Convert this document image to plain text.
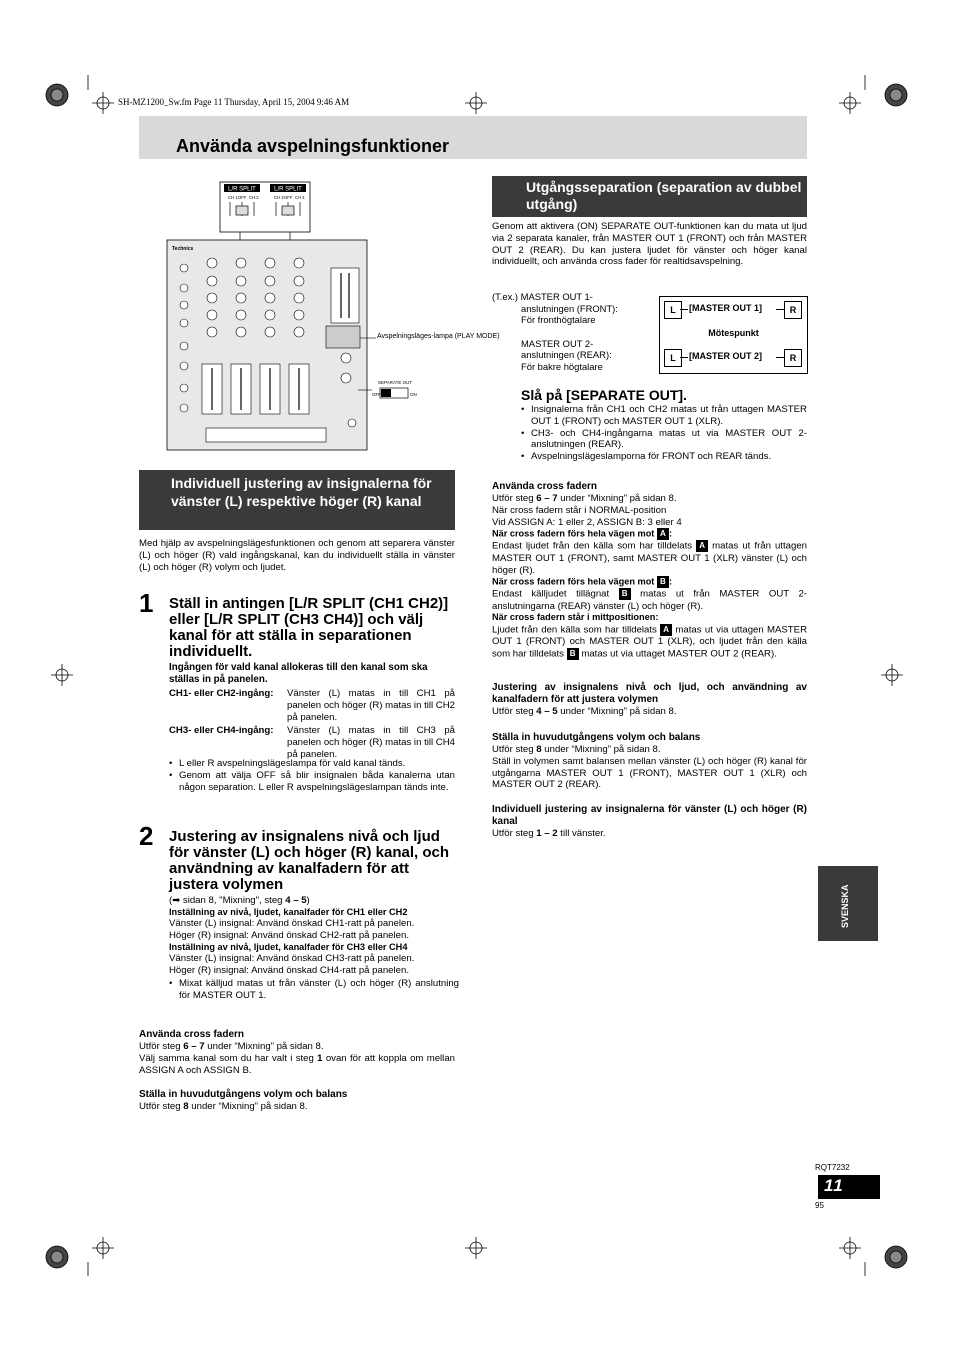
SH-MZ1200_Sw.fm Page 11 Thursday, April 15, 2004 9:46 AM
Använda avspelningsfunktioner
L/R SPLIT	L/R SPLIT
CH 1 OFF CH 2	CH 3 OFF CH 4
Technics
Avspelningsläges-lampa (PLAY MODE)
SEPARATE OUT
OFF	ON
Individuell justering av insignalerna för vänster (L) respektive höger (R) kanal

Med hjälp av avspelningslägesfunktionen och genom att separera vänster (L) och höger (R) vald ingångskanal, kan du individuellt ställa in vänster (L) och höger (R) volym och ljudet.

1 Ställ in antingen [L/R SPLIT (CH1 CH2)] eller [L/R SPLIT (CH3 CH4)] och välj kanal för att ställa in separationen individuellt.

Ingången för vald kanal allokeras till den kanal som ska ställas in på panelen.

CH1- eller CH2-ingång:	Vänster (L) matas in till CH1 på panelen och höger (R) matas in till CH2 på panelen.
CH3- eller CH4-ingång:	Vänster (L) matas in till CH3 på panelen och höger (R) matas in till CH4 på panelen.
• L eller R avspelningslägeslampa för vald kanal tänds.
• Genom att välja OFF så blir insignalen båda kanalerna utan någon separation. L eller R avspelningslägeslampan tänds inte.
2 Justering av insignalens nivå och ljud för vänster (L) och höger (R) kanal, och användning av kanalfadern för att justera volymen

(➡ sidan 8, "Mixning", steg 4 – 5)
Inställning av nivå, ljudet, kanalfader för CH1 eller CH2
Vänster (L) insignal: Använd önskad CH1-ratt på panelen.
Höger (R) insignal: Använd önskad CH2-ratt på panelen.
Inställning av nivå, ljudet, kanalfader för CH3 eller CH4
Vänster (L) insignal: Använd önskad CH3-ratt på panelen.
Höger (R) insignal: Använd önskad CH4-ratt på panelen.
• Mixat källjud matas ut från vänster (L) och höger (R) anslutning för MASTER OUT 1.
Använda cross fadern
Utför steg 6 – 7 under “Mixning” på sidan 8.
Välj samma kanal som du har valt i steg 1 ovan för att koppla om mellan ASSIGN A och ASSIGN B.
Ställa in huvudutgångens volym och balans
Utför steg 8 under “Mixning” på sidan 8.
Utgångsseparation (separation av dubbel utgång)

Genom att aktivera (ON) SEPARATE OUT-funktionen kan du mata ut ljud via 2 separata kanaler, från MASTER OUT 1 (FRONT) och från MASTER OUT 2 (REAR). Du kan justera ljudet för vänster och höger kanal individuellt, och använda cross fader för realtidsavspelning.

(T.ex.) MASTER OUT 1-
anslutningen (FRONT):
För fronthögtalare
MASTER OUT 2-
anslutningen (REAR):
För bakre högtalare
L	[MASTER OUT 1]	R
Mötespunkt
L	[MASTER OUT 2]	R
Slå på [SEPARATE OUT].
• Insignalerna från CH1 och CH2 matas ut från uttagen MASTER OUT 1 (FRONT) och MASTER OUT 1 (XLR).
• CH3- och CH4-ingångarna matas ut via MASTER OUT 2-anslutningen (REAR).
• Avspelningslägeslamporna för FRONT och REAR tänds.
Använda cross fadern
Utför steg 6 – 7 under “Mixning” på sidan 8.
När cross fadern står i NORMAL-position
Vid ASSIGN A: 1 eller 2, ASSIGN B: 3 eller 4
När cross fadern förs hela vägen mot A :
Endast ljudet från den källa som har tilldelats A matas ut från uttagen MASTER OUT 1 (FRONT), samt MASTER OUT 1 (XLR) vänster (L) och höger (R).
När cross fadern förs hela vägen mot B :
Endast källjudet tillägnat B matas ut från MASTER OUT 2-anslutningarna (REAR) vänster (L) och höger (R).
När cross fadern står i mittpositionen:
Ljudet från den källa som har tilldelats A matas ut via uttagen MASTER OUT 1 (FRONT) och MASTER OUT 1 (XLR), och ljudet från den källa som har tilldelats B matas ut via uttaget MASTER OUT 2 (REAR).
Justering av insignalens nivå och ljud, och användning av kanalfadern för att justera volymen
Utför steg 4 – 5 under “Mixning” på sidan 8.
Ställa in huvudutgångens volym och balans
Utför steg 8 under “Mixning” på sidan 8.
Ställ in volymen samt balansen mellan vänster (L) och höger (R) kanal för utgångarna MASTER OUT 1 (FRONT), MASTER OUT 1 (XLR) och MASTER OUT 2 (REAR).
Individuell justering av insignalerna för vänster (L) och höger (R) kanal
Utför steg 1 – 2 till vänster.
SVENSKA
RQT7232
11
95
